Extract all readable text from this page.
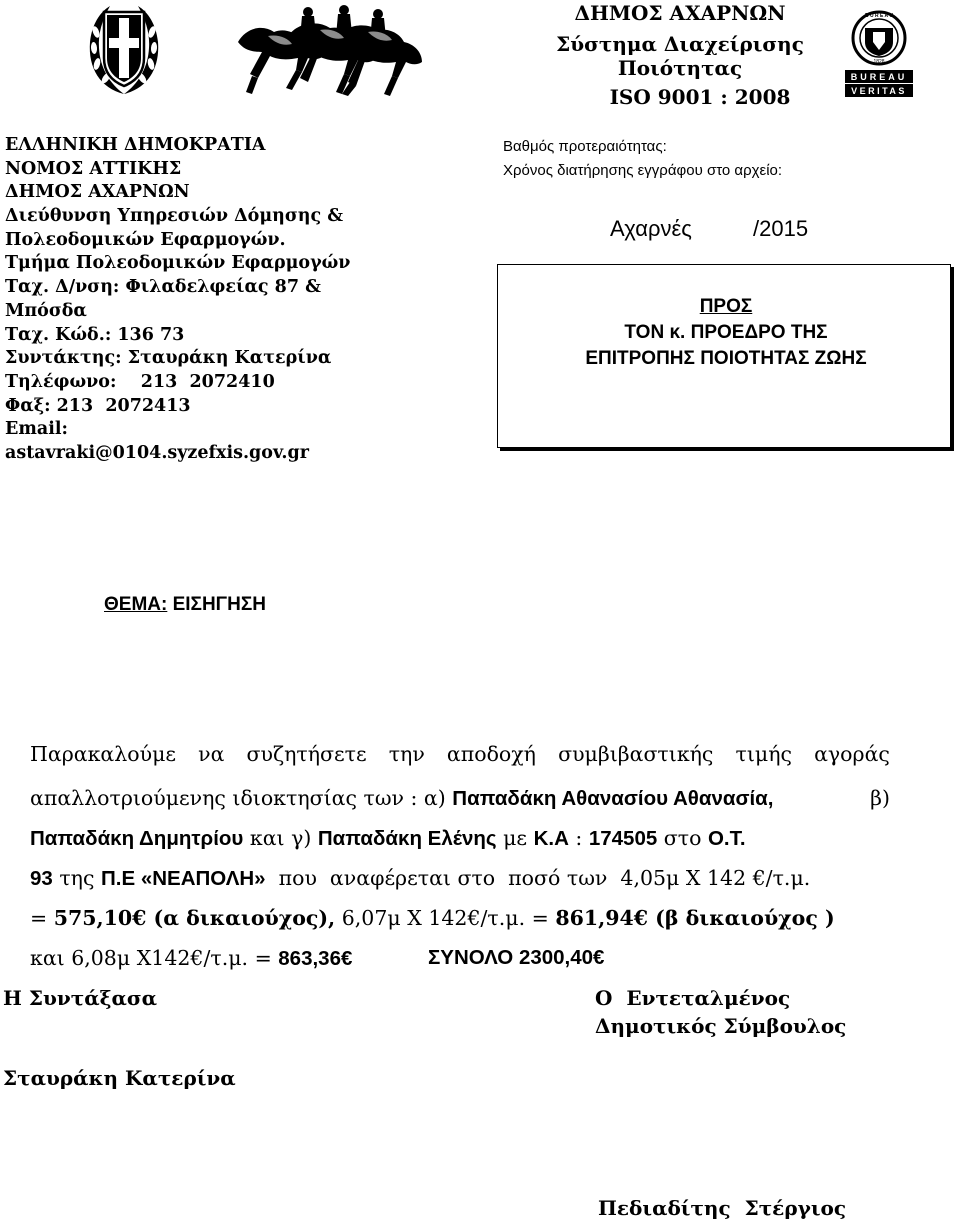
B U R E A U
1828
BUREAU
VERITAS
ΔΗΜΟΣ ΑΧΑΡΝΩΝ
Σύστημα Διαχείρισης
Ποιότητας
ISO 9001 : 2008
ΕΛΛΗΝΙΚΗ ΔΗΜΟΚΡΑΤΙΑ
ΝΟΜΟΣ ΑΤΤΙΚΗΣ
ΔΗΜΟΣ ΑΧΑΡΝΩΝ
Διεύθυνση Υπηρεσιών Δόμησης &
Πολεοδομικών Εφαρμογών.
Τμήμα Πολεοδομικών Εφαρμογών
Ταχ. Δ/νση: Φιλαδελφείας 87 &
Μπόσδα
Ταχ. Κώδ.: 136 73
Συντάκτης: Σταυράκη Κατερίνα
Τηλέφωνο:    213  2072410
Φαξ: 213  2072413
Email:
astavraki@0104.syzefxis.gov.gr
Βαθμός προτεραιότητας:
Χρόνος διατήρησης εγγράφου στο αρχείο:
Αχαρνές          /2015
ΠΡΟΣ
ΤΟΝ κ. ΠΡΟΕΔΡΟ ΤΗΣ
ΕΠΙΤΡΟΠΗΣ ΠΟΙΟΤΗΤΑΣ ΖΩΗΣ
ΘΕΜΑ: ΕΙΣΗΓΗΣΗ
Παρακαλούμε να συζητήσετε την αποδοχή συμβιβαστικής τιμής αγοράς
απαλλοτριούμενης ιδιοκτησίας των : α) Παπαδάκη Αθανασίου Αθανασία,	β)
Παπαδάκη Δημητρίου και γ) Παπαδάκη Ελένης με Κ.Α : 174505 στο Ο.Τ.
93 της Π.Ε «ΝΕΑΠΟΛΗ»  που  αναφέρεται στο  ποσό των  4,05μ Χ 142 €/τ.μ.
= 575,10€ (α δικαιούχος), 6,07μ Χ 142€/τ.μ. = 861,94€ (β δικαιούχος )
και 6,08μ Χ142€/τ.μ. = 863,36€	ΣΥΝΟΛΟ 2300,40€
Η Συντάξασα	Ο  Εντεταλμένος
Δημοτικός Σύμβουλος
Σταυράκη Κατερίνα
Πεδιαδίτης  Στέργιος
